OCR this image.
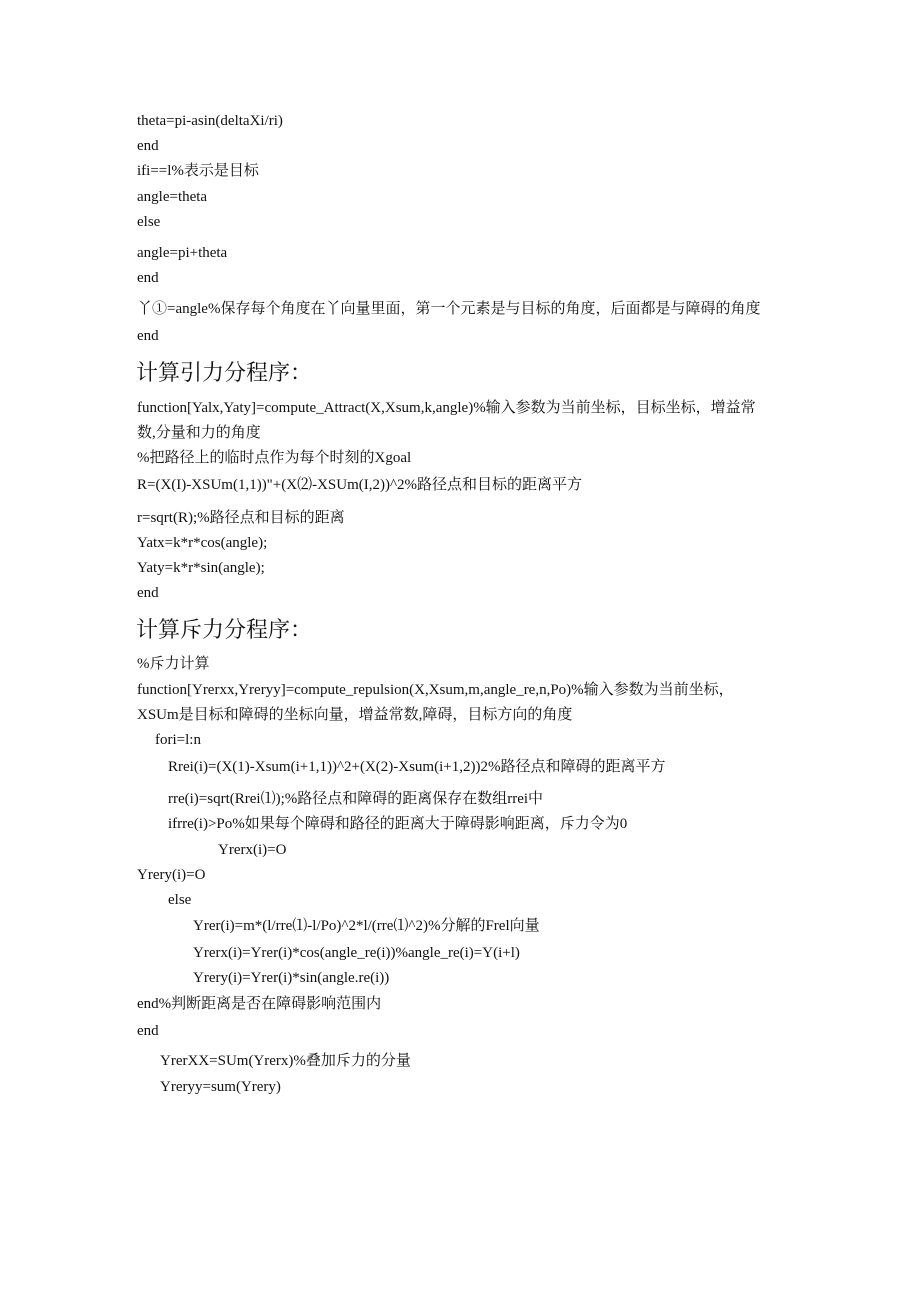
theta=pi-asin(deltaXi/ri)
end
ifi==l%表示是目标
angle=theta
else
angle=pi+theta
end
丫①=angle%保存每个角度在丫向量里面，第一个元素是与目标的角度，后面都是与障碍的角度
end
计算引力分程序：
function[Yalx,Yaty]=compute_Attract(X,Xsum,k,angle)%输入参数为当前坐标，目标坐标，增益常
数,分量和力的角度
%把路径上的临时点作为每个时刻的Xgoal
R=(X(I)-XSUm(1,1))"+(X⑵-XSUm(I,2))^2%路径点和目标的距离平方
r=sqrt(R);%路径点和目标的距离
Yatx=k*r*cos(angle);
Yaty=k*r*sin(angle);
end
计算斥力分程序：
%斥力计算
function[Yrerxx,Yreryy]=compute_repulsion(X,Xsum,m,angle_re,n,Po)%输入参数为当前坐标，
XSUm是目标和障碍的坐标向量，增益常数,障碍，目标方向的角度
fori=l:n
Rrei(i)=(X(1)-Xsum(i+1,1))^2+(X(2)-Xsum(i+1,2))2%路径点和障碍的距离平方
rre(i)=sqrt(Rrei⑴);%路径点和障碍的距离保存在数组rrei中
ifrre(i)>Po%如果每个障碍和路径的距离大于障碍影响距离，斥力令为0
Yrerx(i)=O
Yrery(i)=O
else
Yrer(i)=m*(l/rre⑴-l/Po)^2*l/(rre⑴^2)%分解的Frel向量
Yrerx(i)=Yrer(i)*cos(angle_re(i))%angle_re(i)=Y(i+l)
Yrery(i)=Yrer(i)*sin(angle.re(i))
end%判断距离是否在障碍影响范围内
end
YrerXX=SUm(Yrerx)%叠加斥力的分量
Yreryy=sum(Yrery)
